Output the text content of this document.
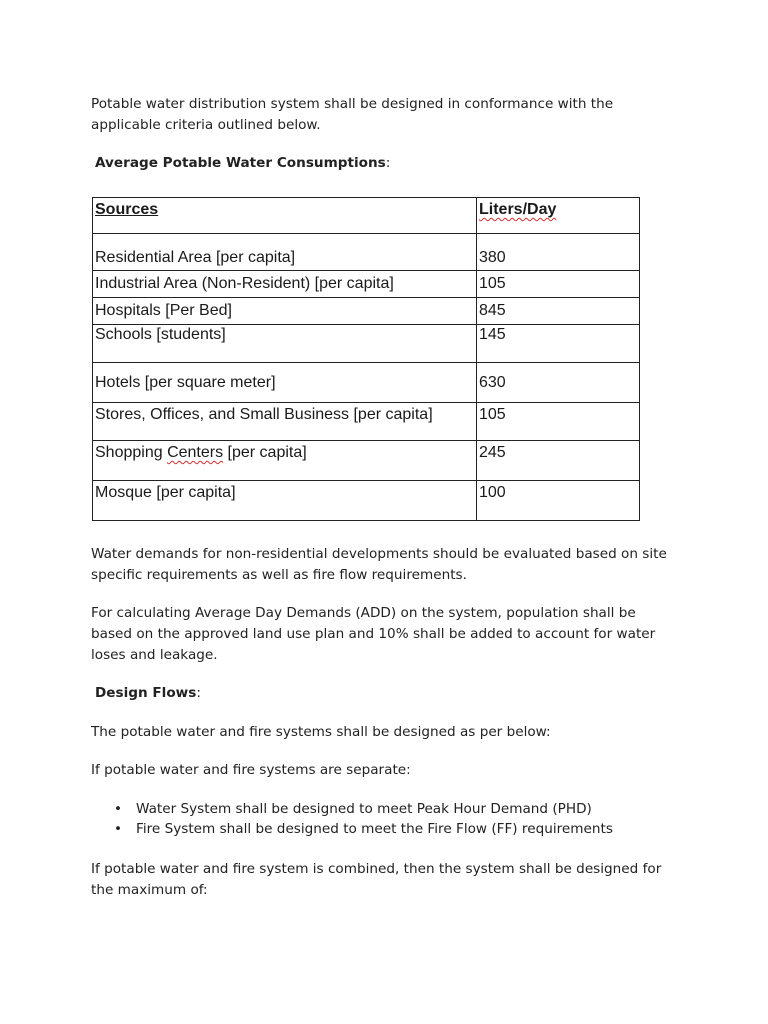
Potable water distribution system shall be designed in conformance with the applicable criteria outlined below.

Average Potable Water Consumptions:

Sources	Liters/Day
Residential Area [per capita]	380
Industrial Area (Non-Resident) [per capita]	105
Hospitals [Per Bed]	845
Schools [students]	145
Hotels [per square meter]	630
Stores, Offices, and Small Business [per capita]	105
Shopping Centers [per capita]	245
Mosque [per capita]	100

Water demands for non-residential developments should be evaluated based on site specific requirements as well as fire flow requirements.

For calculating Average Day Demands (ADD) on the system, population shall be based on the approved land use plan and 10% shall be added to account for water loses and leakage.

Design Flows:

The potable water and fire systems shall be designed as per below:

If potable water and fire systems are separate:

• Water System shall be designed to meet Peak Hour Demand (PHD)
• Fire System shall be designed to meet the Fire Flow (FF) requirements

If potable water and fire system is combined, then the system shall be designed for the maximum of:
